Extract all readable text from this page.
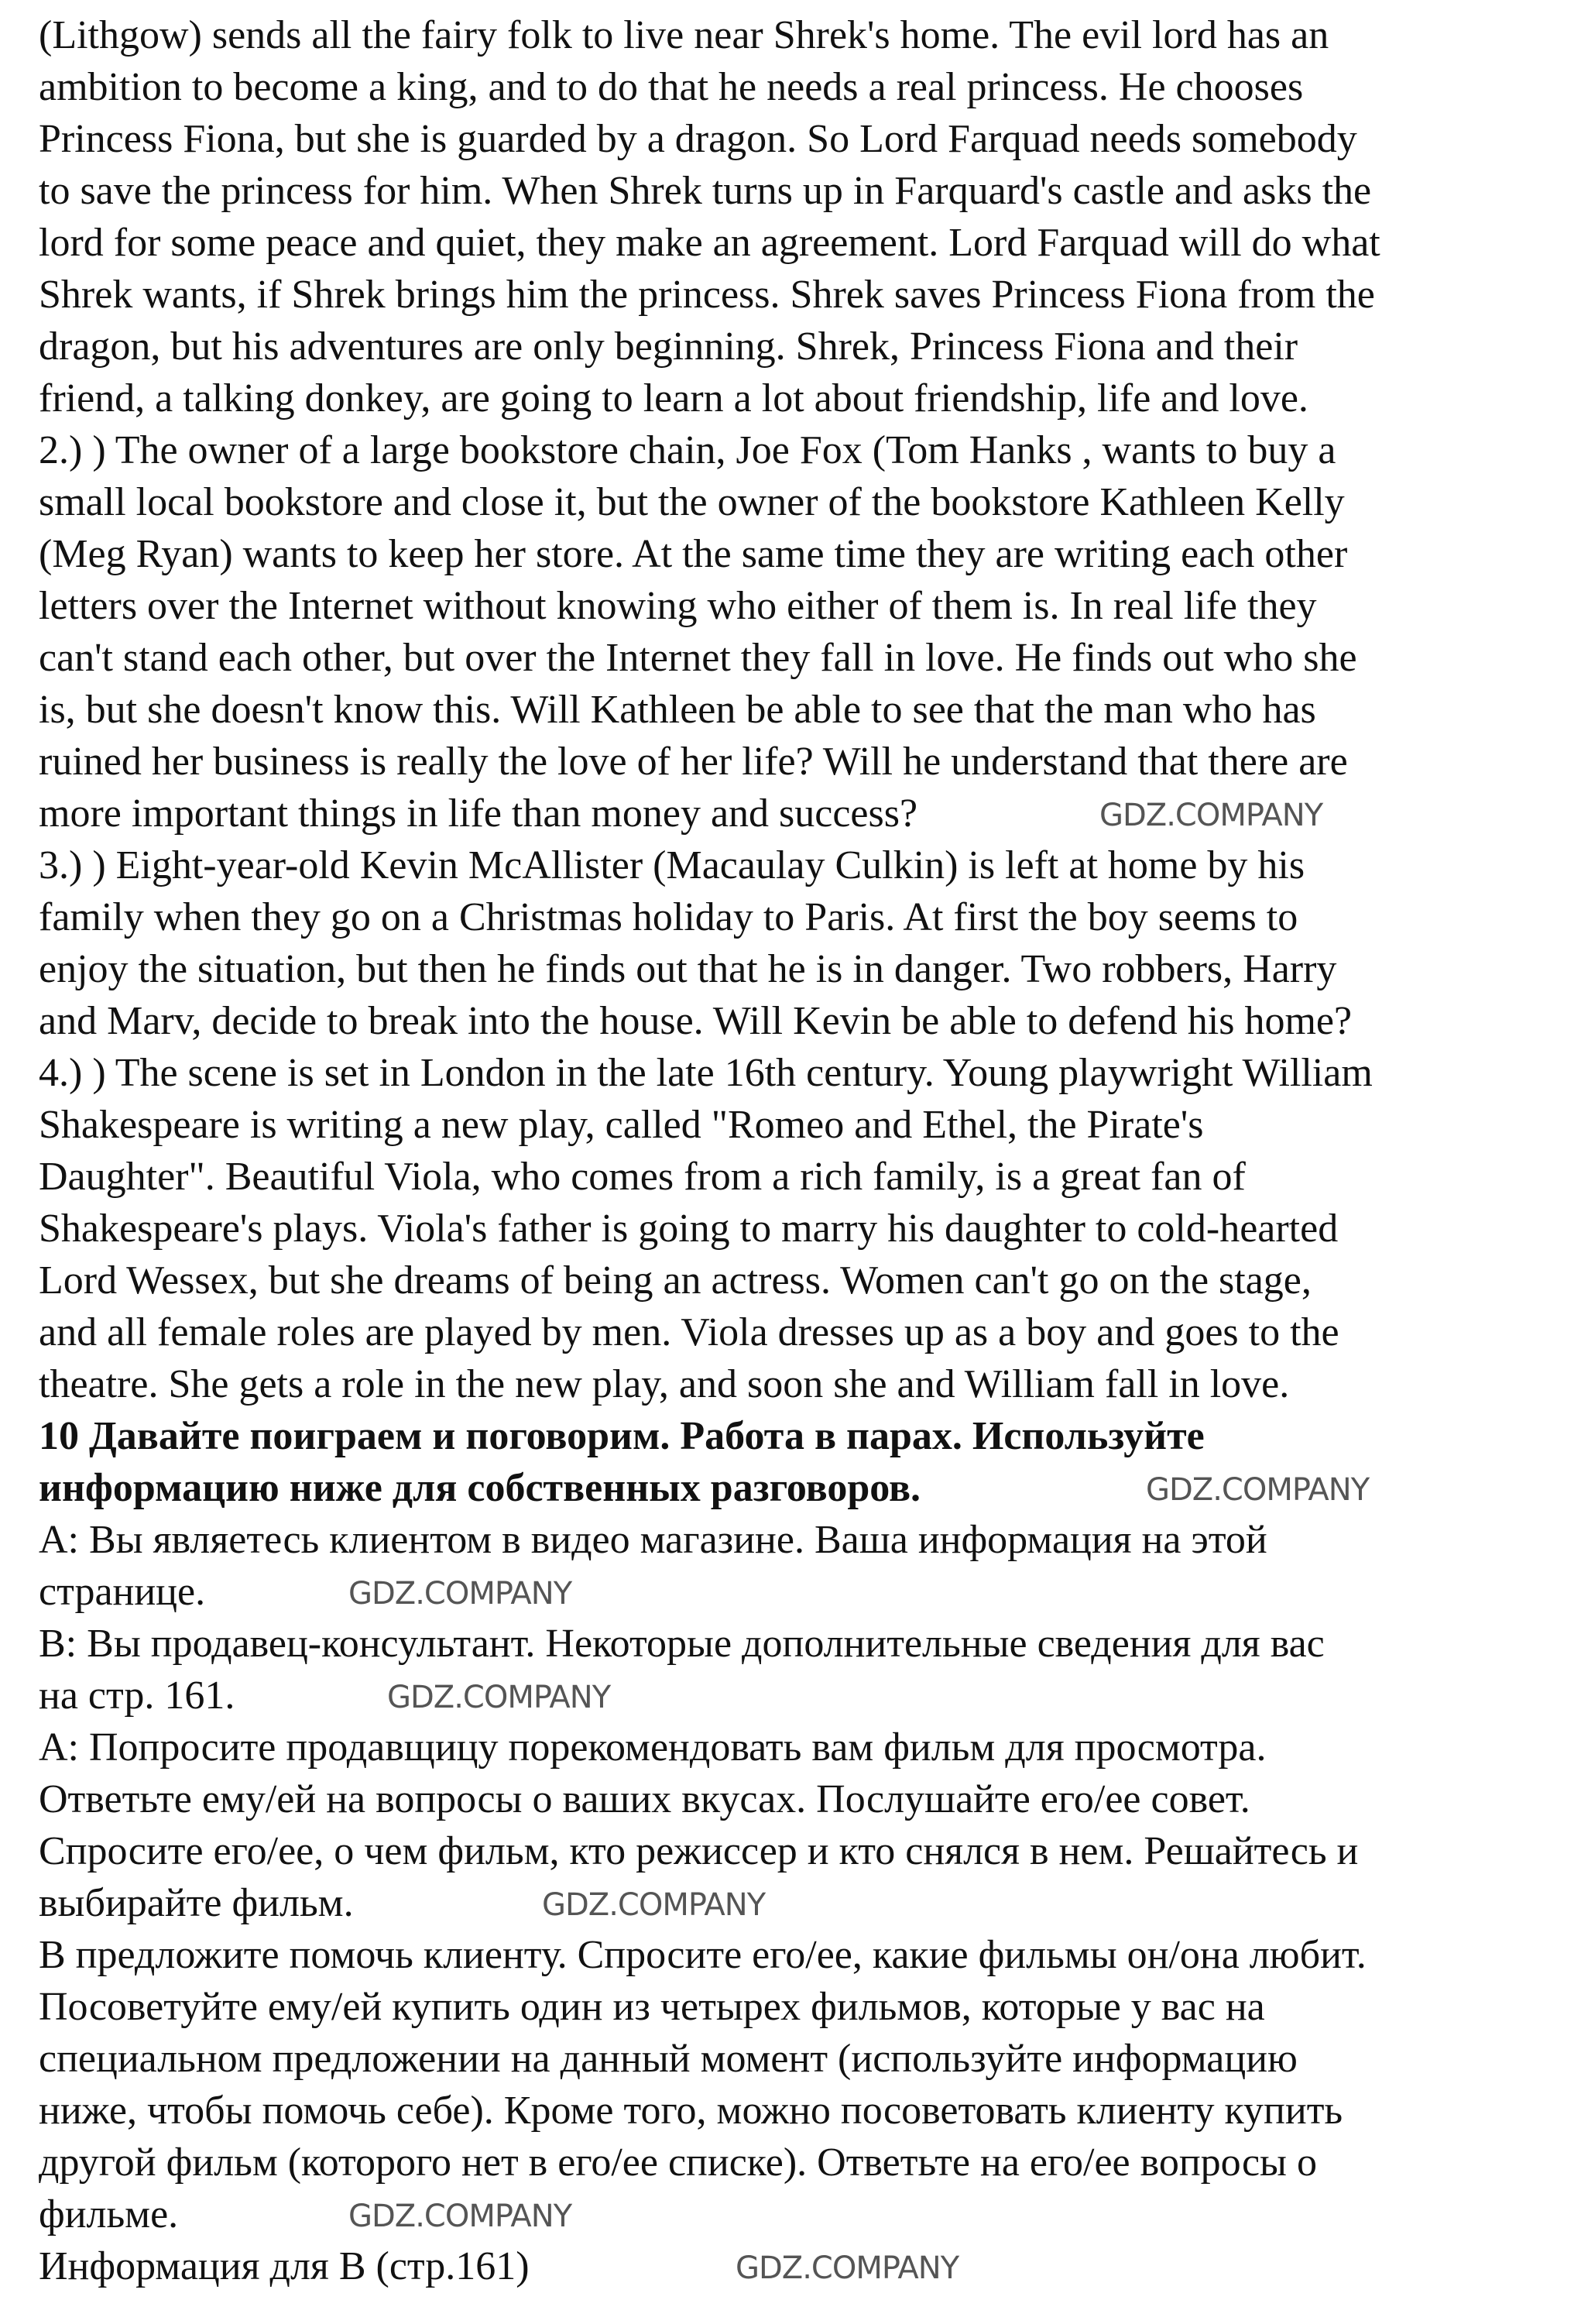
(Lithgow) sends all the fairy folk to live near Shrek's home. The evil lord has an
ambition to become a king, and to do that he needs a real princess. He chooses
Princess Fiona, but she is guarded by a dragon. So Lord Farquad needs somebody
to save the princess for him. When Shrek turns up in Farquard's castle and asks the
lord for some peace and quiet, they make an agreement. Lord Farquad will do what
Shrek wants, if Shrek brings him the princess. Shrek saves Princess Fiona from the
dragon, but his adventures are only beginning. Shrek, Princess Fiona and their
friend, a talking donkey, are going to learn a lot about friendship, life and love.
2.) ) The owner of a large bookstore chain, Joe Fox (Tom Hanks , wants to buy a
small local bookstore and close it, but the owner of the bookstore Kathleen Kelly
(Meg Ryan) wants to keep her store. At the same time they are writing each other
letters over the Internet without knowing who either of them is. In real life they
can't stand each other, but over the Internet they fall in love. He finds out who she
is, but she doesn't know this. Will Kathleen be able to see that the man who has
ruined her business is really the love of her life? Will he understand that there are
more important things in life than money and success?
3.) ) Eight-year-old Kevin McAllister (Macaulay Culkin) is left at home by his
family when they go on a Christmas holiday to Paris. At first the boy seems to
enjoy the situation, but then he finds out that he is in danger. Two robbers, Harry
and Marv, decide to break into the house. Will Kevin be able to defend his home?
4.) ) The scene is set in London in the late 16th century. Young playwright William
Shakespeare is writing a new play, called "Romeo and Ethel, the Pirate's
Daughter". Beautiful Viola, who comes from a rich family, is a great fan of
Shakespeare's plays. Viola's father is going to marry his daughter to cold-hearted
Lord Wessex, but she dreams of being an actress. Women can't go on the stage,
and all female roles are played by men. Viola dresses up as a boy and goes to the
theatre. She gets a role in the new play, and soon she and William fall in love.
10 Давайте поиграем и поговорим. Работа в парах. Используйте
информацию ниже для собственных разговоров.
А: Вы являетесь клиентом в видео магазине. Ваша информация на этой
странице.
B: Вы продавец-консультант. Некоторые дополнительные сведения для вас
на стр. 161.
А: Попросите продавщицу порекомендовать вам фильм для просмотра.
Ответьте ему/ей на вопросы о ваших вкусах. Послушайте его/ее совет.
Спросите его/ее, о чем фильм, кто режиссер и кто снялся в нем. Решайтесь и
выбирайте фильм.
В предложите помочь клиенту. Спросите его/ее, какие фильмы он/она любит.
Посоветуйте ему/ей купить один из четырех фильмов, которые у вас на
специальном предложении на данный момент (используйте информацию
ниже, чтобы помочь себе). Кроме того, можно посоветовать клиенту купить
другой фильм (которого нет в его/ее списке). Ответьте на его/ее вопросы о
фильме.
Информация для В (стр.161)
GDZ.COMPANY
GDZ.COMPANY
GDZ.COMPANY
GDZ.COMPANY
GDZ.COMPANY
GDZ.COMPANY
GDZ.COMPANY
